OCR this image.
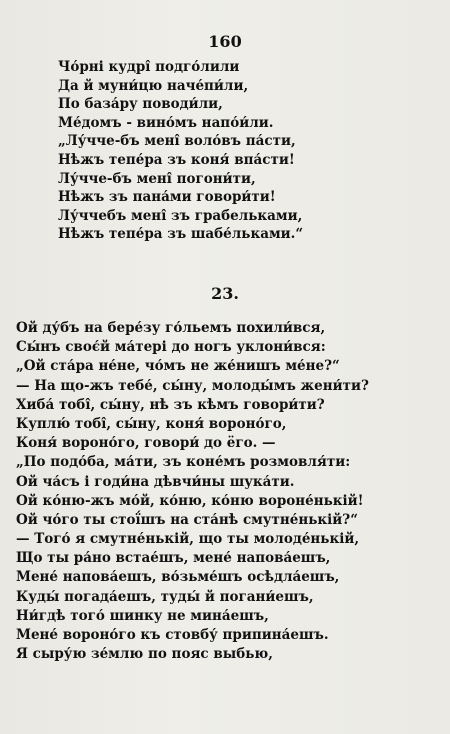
160
Чо́рні кудрі̂ подго́лили
Да й муни́цю наче́пи́ли,
По база́ру поводи́ли,
Ме́домъ - вино́мъ напо́и́ли.
„Лу́чче-бъ мені̂ воло́въ па́сти,
Нѣжъ тепе́ра зъ коня́ впа́сти!
Лу́чче-бъ мені̂ погони́ти,
Нѣжъ зъ пана́ми говори́ти!
Лу́ччебъ мені̂ зъ граб́ельками,
Нѣжъ тепе́ра зъ шабе́льками.“
23.
Ой ду́бъ на бере́зу го́льемъ похили́вся,
Сы́нъ своє́й ма́тері до ногъ уклони́вся:
„Ой ста́ра не́не, чо́мъ не же́нишъ ме́не?“
— На що-жъ тебе́, сы́ну, молоды́мъ жени́ти?
Хиба́ тобі̂, сы́ну, нѣ зъ кѣмъ говори́ти?
Куплю́ тобі̂, сы́ну, коня́ вороно́го,
Коня́ вороно́го, говори́ до ёго. —
„По подо́ба, ма́ти, зъ коне́мъ розмовля́ти:
Ой ча́съ і годи́на дѣвчи́ны шука́ти.
Ой ко́ню-жъ мо́й, ко́ню, ко́ню вороне́нькій!
Ой чо́го ты стої́шъ на ста́нѣ смутне́нькій?“
— Того́ я смутне́нькій, що ты молоде́нькій,
Що ты ра́но встае́шъ, мене́ напова́ешъ,
Мене́ напова́ешъ, во́зьме́шъ осѣдла́ешъ,
Куды́ погада́ешъ, туды́ й погани́ешъ,
Ни́гдѣ того́ шинку не мина́ешъ,
Мене́ вороно́го къ стовбу́ припина́ешъ.
Я сыру́ю зе́млю по пояс выбью,
